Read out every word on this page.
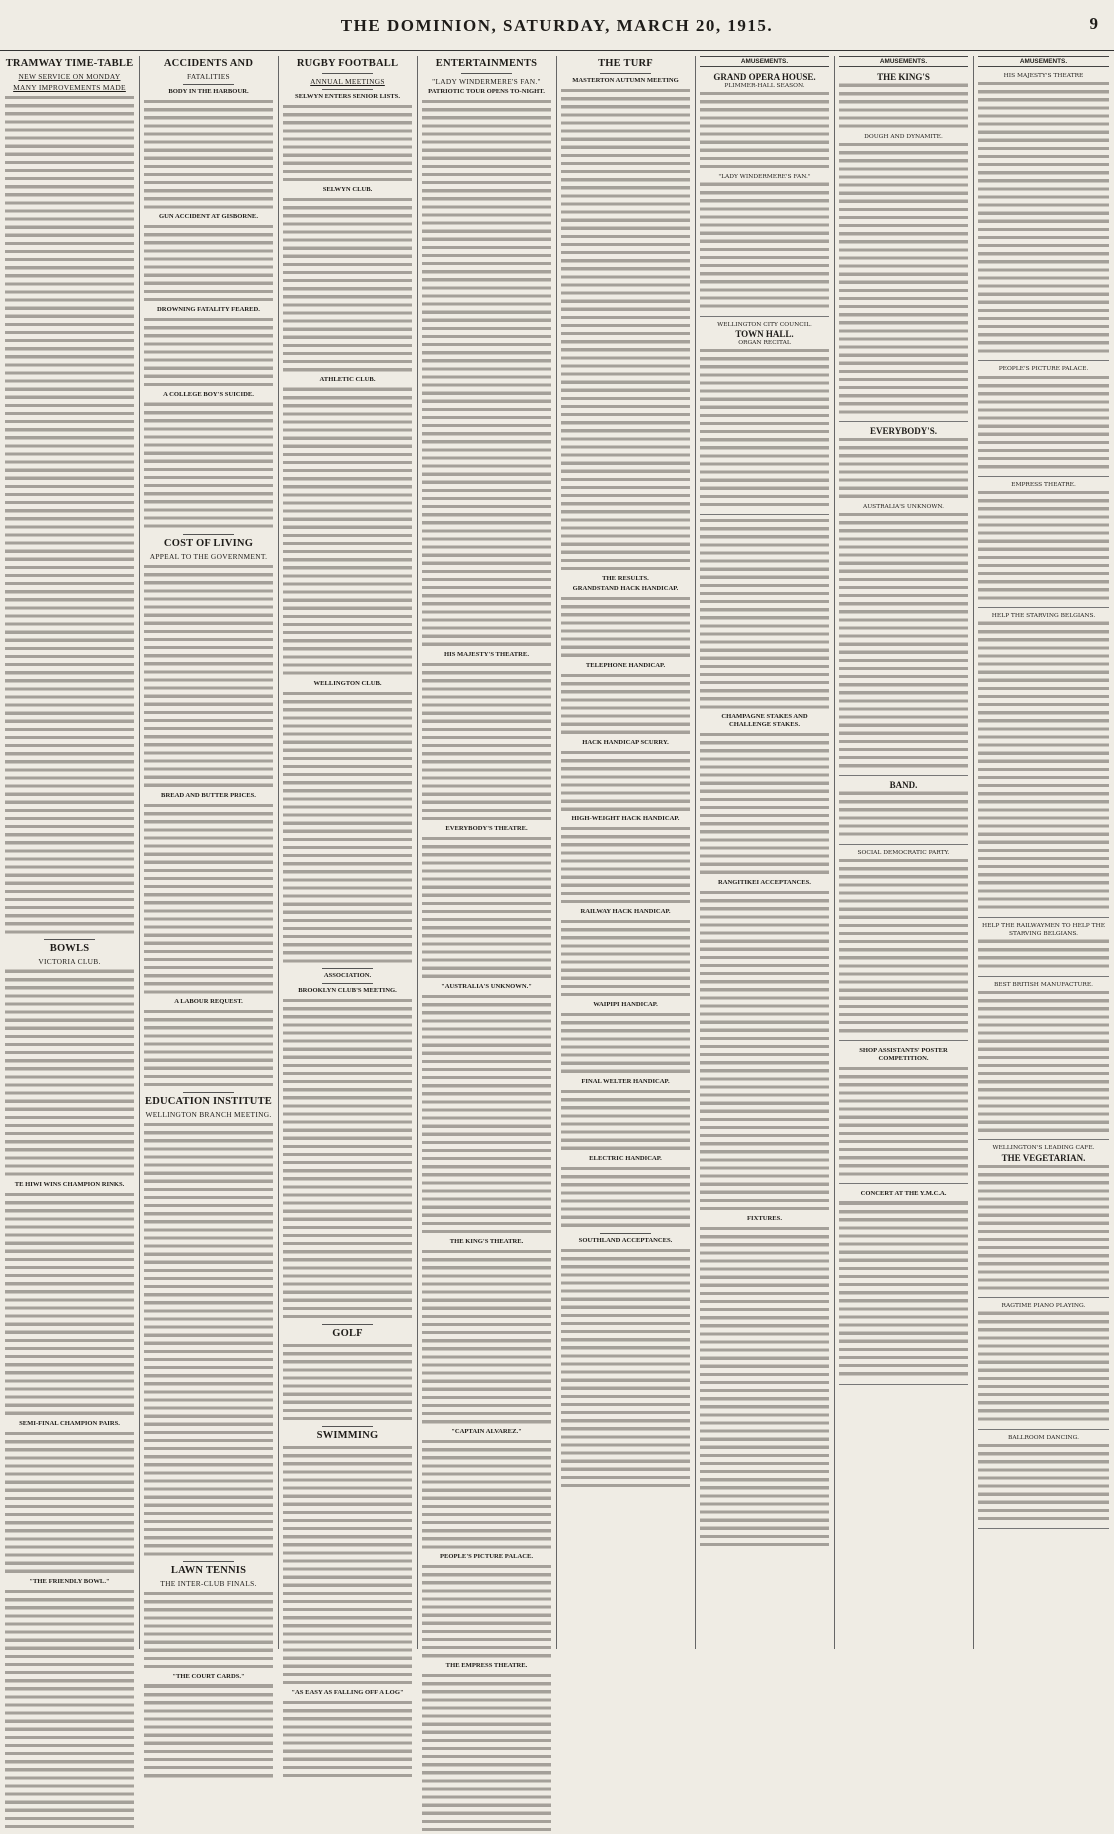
THE DOMINION, SATURDAY, MARCH 20, 1915.	9
TRAMWAY TIME-TABLE
NEW SERVICE ON MONDAY
MANY IMPROVEMENTS MADE
BOWLS
VICTORIA CLUB.
TE HIWI WINS CHAMPION RINKS.
SEMI-FINAL CHAMPION PAIRS.
"THE FRIENDLY BOWL."
ACCIDENTS AND
FATALITIES
BODY IN THE HARBOUR.
GUN ACCIDENT AT GISBORNE.
DROWNING FATALITY FEARED.
A COLLEGE BOY'S SUICIDE.
COST OF LIVING
APPEAL TO THE GOVERNMENT.
BREAD AND BUTTER PRICES.
A LABOUR REQUEST.
EDUCATION INSTITUTE
WELLINGTON BRANCH MEETING.
LAWN TENNIS
THE INTER-CLUB FINALS.
"THE COURT CARDS."
RUGBY FOOTBALL
ANNUAL MEETINGS
SELWYN ENTERS SENIOR LISTS.
SELWYN CLUB.
ATHLETIC CLUB.
WELLINGTON CLUB.
ASSOCIATION.
BROOKLYN CLUB'S MEETING.
GOLF
SWIMMING
"AS EASY AS FALLING OFF A LOG"
ENTERTAINMENTS
"LADY WINDERMERE'S FAN."
PATRIOTIC TOUR OPENS TO-NIGHT.
HIS MAJESTY'S THEATRE.
EVERYBODY'S THEATRE.
"AUSTRALIA'S UNKNOWN."
THE KING'S THEATRE.
"CAPTAIN ALVAREZ."
PEOPLE'S PICTURE PALACE.
THE EMPRESS THEATRE.
THE TURF
MASTERTON AUTUMN MEETING
THE RESULTS.
GRANDSTAND HACK HANDICAP.
TELEPHONE HANDICAP.
HACK HANDICAP SCURRY.
HIGH-WEIGHT HACK HANDICAP.
RAILWAY HACK HANDICAP.
WAIPIPI HANDICAP.
FINAL WELTER HANDICAP.
ELECTRIC HANDICAP.
SOUTHLAND ACCEPTANCES.
AMUSEMENTS.
GRAND OPERA HOUSE.
PLIMMER-HALL SEASON.
"LADY WINDERMERE'S FAN."
WELLINGTON CITY COUNCIL.
TOWN HALL.
ORGAN RECITAL
CHAMPAGNE STAKES AND CHALLENGE STAKES.
RANGITIKEI ACCEPTANCES.
FIXTURES.
AMUSEMENTS.
THE KING'S
DOUGH AND DYNAMITE.
EVERYBODY'S.
AUSTRALIA'S UNKNOWN.
BAND.
SOCIAL DEMOCRATIC PARTY.
SHOP ASSISTANTS' POSTER COMPETITION.
CONCERT AT THE Y.M.C.A.
AMUSEMENTS.
HIS MAJESTY'S THEATRE
PEOPLE'S PICTURE PALACE.
EMPRESS THEATRE.
HELP THE STARVING BELGIANS.
HELP THE RAILWAYMEN TO HELP THE STARVING BELGIANS.
BEST BRITISH MANUFACTURE.
WELLINGTON'S LEADING CAFE.
THE VEGETARIAN.
RAGTIME PIANO PLAYING.
BALLROOM DANCING.
